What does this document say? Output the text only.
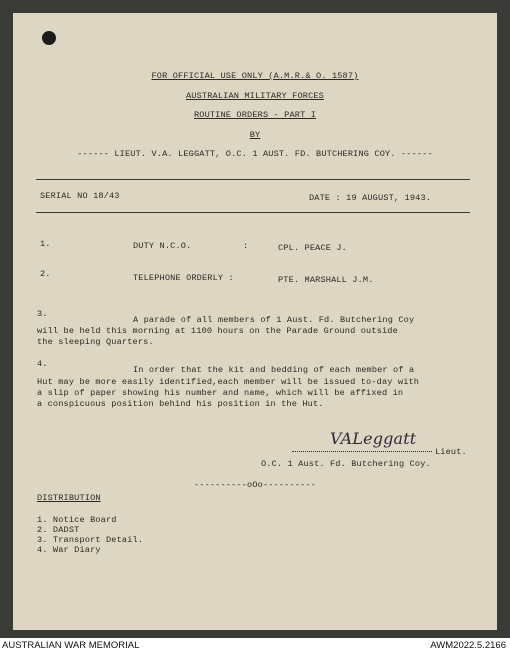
FOR OFFICIAL USE ONLY (A.M.R.& O. 1587)
AUSTRALIAN MILITARY FORCES
ROUTINE ORDERS - PART I
BY
------ LIEUT. V.A. LEGGATT, O.C. 1 AUST. FD. BUTCHERING COY. ------
SERIAL NO 18/43	DATE : 19 AUGUST, 1943.
1.	DUTY N.C.O.	:	CPL. PEACE J.
2.	TELEPHONE ORDERLY :	PTE. MARSHALL J.M.
3.
A parade of all members of 1 Aust. Fd. Butchering Coy
will be held this morning at 1100 hours on the Parade Ground outside
the sleeping Quarters.
4.
In order that the kit and bedding of each member of a
Hut may be more easily identified,each member will be issued to-day with
a slip of paper showing his number and name, which will be affixed in
a conspicuous position behind his position in the Hut.
VALeggatt
Lieut.
O.C. 1 Aust. Fd. Butchering Coy.
----------oOo----------
DISTRIBUTION
1. Notice Board
2. DADST
3. Transport Detail.
4. War Diary
AUSTRALIAN WAR MEMORIAL	AWM2022.5.2166
